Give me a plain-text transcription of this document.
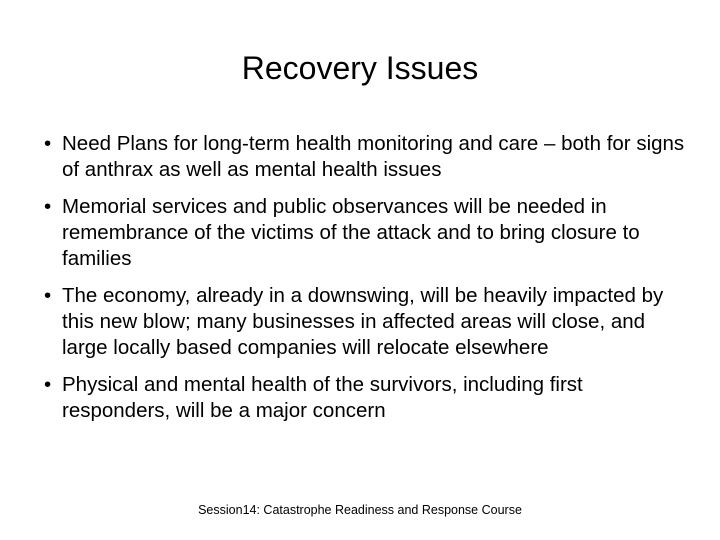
Recovery Issues
• Need Plans for long-term health monitoring and care – both for signs of anthrax as well as mental health issues
• Memorial services and public observances will be needed in remembrance of the victims of the attack and to bring closure to families
• The economy, already in a downswing, will be heavily impacted by this new blow; many businesses in affected areas will close, and large locally based companies will relocate elsewhere
• Physical and mental health of the survivors, including first responders, will be a major concern
Session14: Catastrophe Readiness and Response Course
